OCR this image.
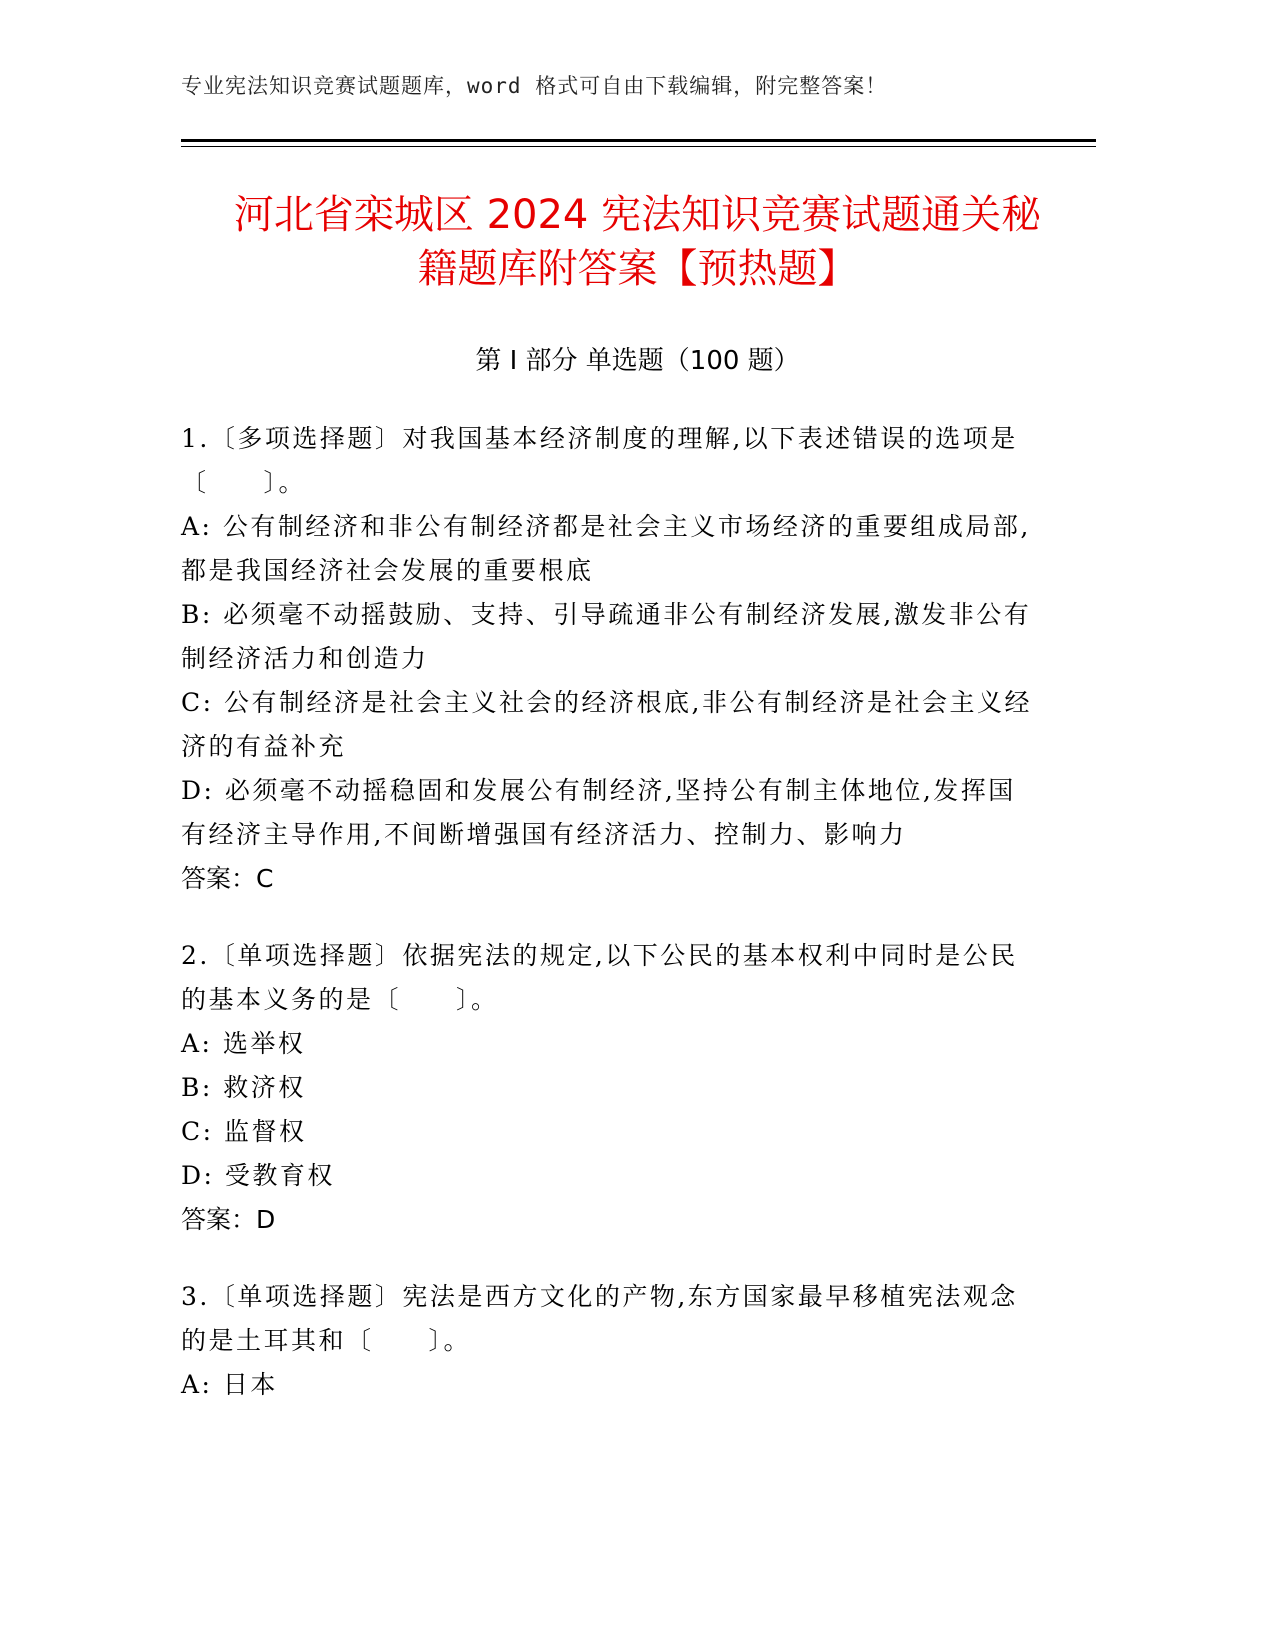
专业宪法知识竞赛试题题库，word 格式可自由下载编辑，附完整答案！
河北省栾城区 2024 宪法知识竞赛试题通关秘
籍题库附答案【预热题】
第 I 部分 单选题（100 题）

1.〔多项选择题〕对我国基本经济制度的理解,以下表述错误的选项是〔　　〕。

A: 公有制经济和非公有制经济都是社会主义市场经济的重要组成局部,都是我国经济社会发展的重要根底

B: 必须毫不动摇鼓励、支持、引导疏通非公有制经济发展,激发非公有制经济活力和创造力

C: 公有制经济是社会主义社会的经济根底,非公有制经济是社会主义经济的有益补充

D: 必须毫不动摇稳固和发展公有制经济,坚持公有制主体地位,发挥国有经济主导作用,不间断增强国有经济活力、控制力、影响力

答案：C

2.〔单项选择题〕依据宪法的规定,以下公民的基本权利中同时是公民的基本义务的是〔　　〕。

A: 选举权

B: 救济权

C: 监督权

D: 受教育权

答案：D

3.〔单项选择题〕宪法是西方文化的产物,东方国家最早移植宪法观念的是土耳其和〔　　〕。

A: 日本
